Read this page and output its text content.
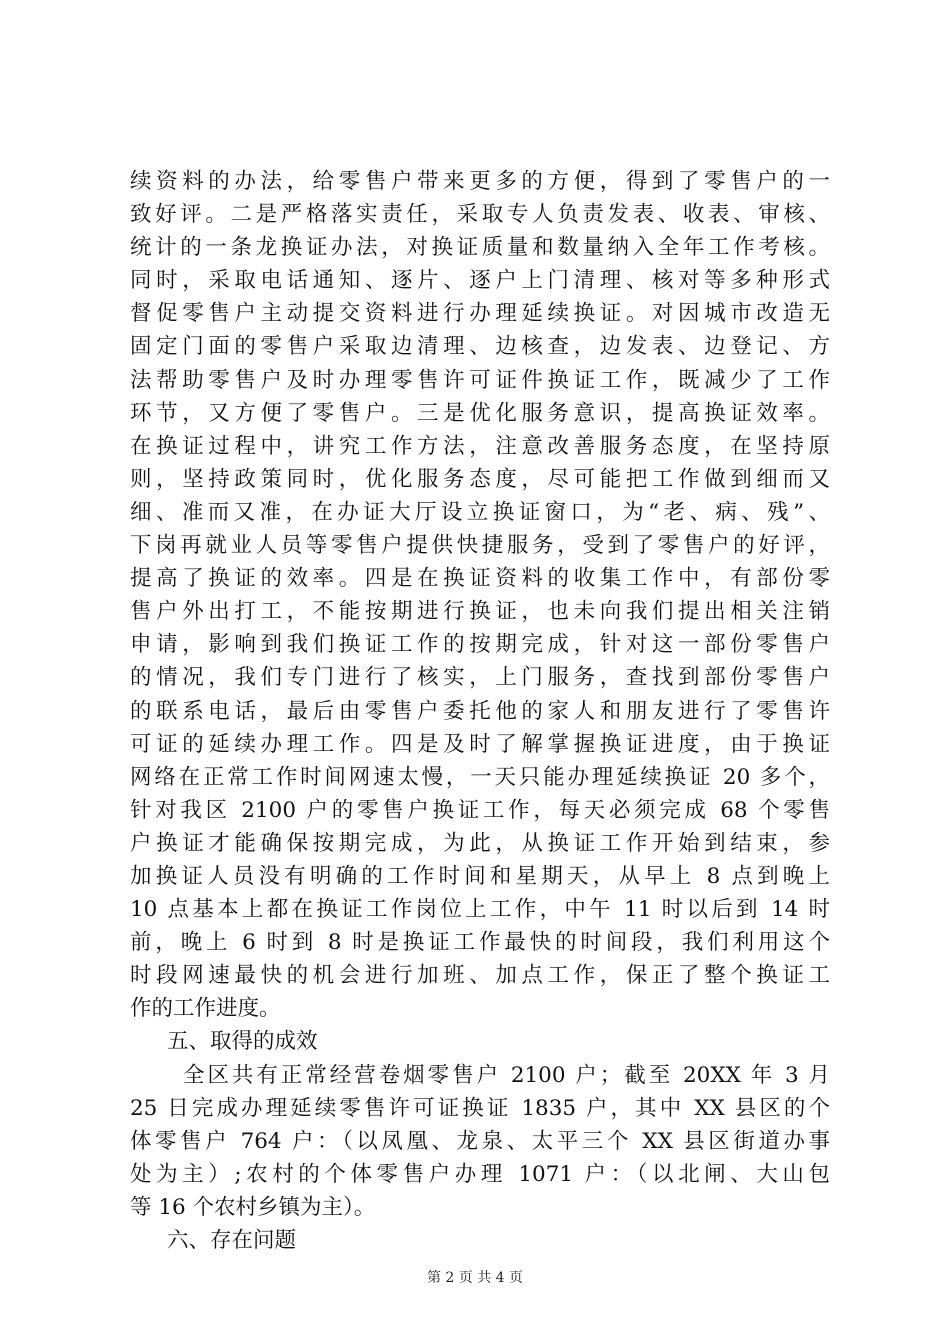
续资料的办法，给零售户带来更多的方便，得到了零售户的一
致好评。二是严格落实责任，采取专人负责发表、收表、审核、
统计的一条龙换证办法，对换证质量和数量纳入全年工作考核。
同时，采取电话通知、逐片、逐户上门清理、核对等多种形式
督促零售户主动提交资料进行办理延续换证。对因城市改造无
固定门面的零售户采取边清理、边核查，边发表、边登记、方
法帮助零售户及时办理零售许可证件换证工作，既减少了工作
环节，又方便了零售户。三是优化服务意识，提高换证效率。
在换证过程中，讲究工作方法，注意改善服务态度，在坚持原
则，坚持政策同时，优化服务态度，尽可能把工作做到细而又
细、准而又准，在办证大厅设立换证窗口，为“老、病、残”、
下岗再就业人员等零售户提供快捷服务，受到了零售户的好评，
提高了换证的效率。四是在换证资料的收集工作中，有部份零
售户外出打工，不能按期进行换证，也未向我们提出相关注销
申请，影响到我们换证工作的按期完成，针对这一部份零售户
的情况，我们专门进行了核实，上门服务，查找到部份零售户
的联系电话，最后由零售户委托他的家人和朋友进行了零售许
可证的延续办理工作。四是及时了解掌握换证进度，由于换证
网络在正常工作时间网速太慢，一天只能办理延续换证 20 多个，
针对我区 2100 户的零售户换证工作，每天必须完成 68 个零售
户换证才能确保按期完成，为此，从换证工作开始到结束，参
加换证人员没有明确的工作时间和星期天，从早上 8 点到晚上
10 点基本上都在换证工作岗位上工作，中午 11 时以后到 14 时
前，晚上 6 时到 8 时是换证工作最快的时间段，我们利用这个
时段网速最快的机会进行加班、加点工作，保正了整个换证工
作的工作进度。
五、取得的成效
全区共有正常经营卷烟零售户 2100 户；截至 20XX 年 3 月
25 日完成办理延续零售许可证换证 1835 户，其中 XX 县区的个
体零售户 764 户：（以凤凰、龙泉、太平三个 XX 县区街道办事
处为主）;农村的个体零售户办理 1071 户：（以北闸、大山包
等 16 个农村乡镇为主）。
六、存在问题
第 2 页 共 4 页
